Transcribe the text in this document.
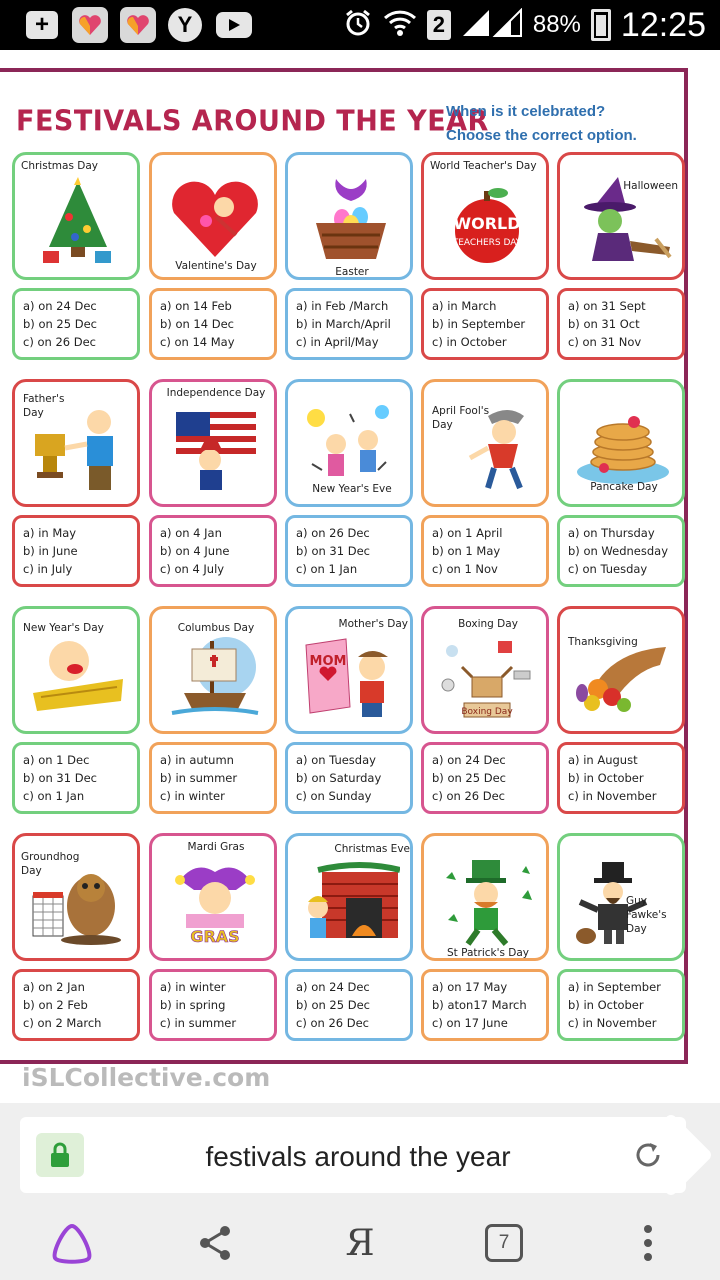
+	Y	2	88% 12:25
FESTIVALS AROUND THE YEAR
When is it celebrated?
Choose the correct option.
Christmas Day
a) on 24 Dec
b) on 25 Dec
c) on 26 Dec
Valentine's Day
a) on 14 Feb
b) on 14 Dec
c) on 14 May
Easter
a) in Feb /March
b) in March/April
c) in April/May
WORLD
TEACHERS DAY
World Teacher's Day
a) in March
b) in September
c) in October
Halloween
a) on 31 Sept
b) on 31 Oct
c) on 31 Nov
Father's Day
a) in May
b) in June
c) in July
Independence Day
a) on 4 Jan
b) on 4 June
c) on 4 July
New Year's Eve
a) on 26 Dec
b) on 31 Dec
c) on 1 Jan
April Fool's Day
a) on 1 April
b) on 1 May
c) on 1 Nov
Pancake Day
a) on Thursday
b) on Wednesday
c) on Tuesday
New Year's Day
a) on 1 Dec
b) on 31 Dec
c) on 1 Jan
Columbus Day
a) in autumn
b) in summer
c) in winter
MOM
Mother's Day
a) on Tuesday
b) on Saturday
c) on Sunday
Boxing Day
Boxing Day
a) on 24 Dec
b) on 25 Dec
c) on 26 Dec
Thanksgiving
a) in August
b) in October
c) in November
Groundhog Day
a) on 2 Jan
b) on 2 Feb
c) on 2 March
GRAS
Mardi Gras
a) in winter
b) in spring
c) in summer
Christmas Eve
a) on 24 Dec
b) on 25 Dec
c) on 26 Dec
St Patrick's Day
a) on 17 May
b) aton17 March
c) on 17 June
Guy Fawke's Day
a) in September
b) in October
c) in November
iSLCollective.com
festivals around the year
Я	7
